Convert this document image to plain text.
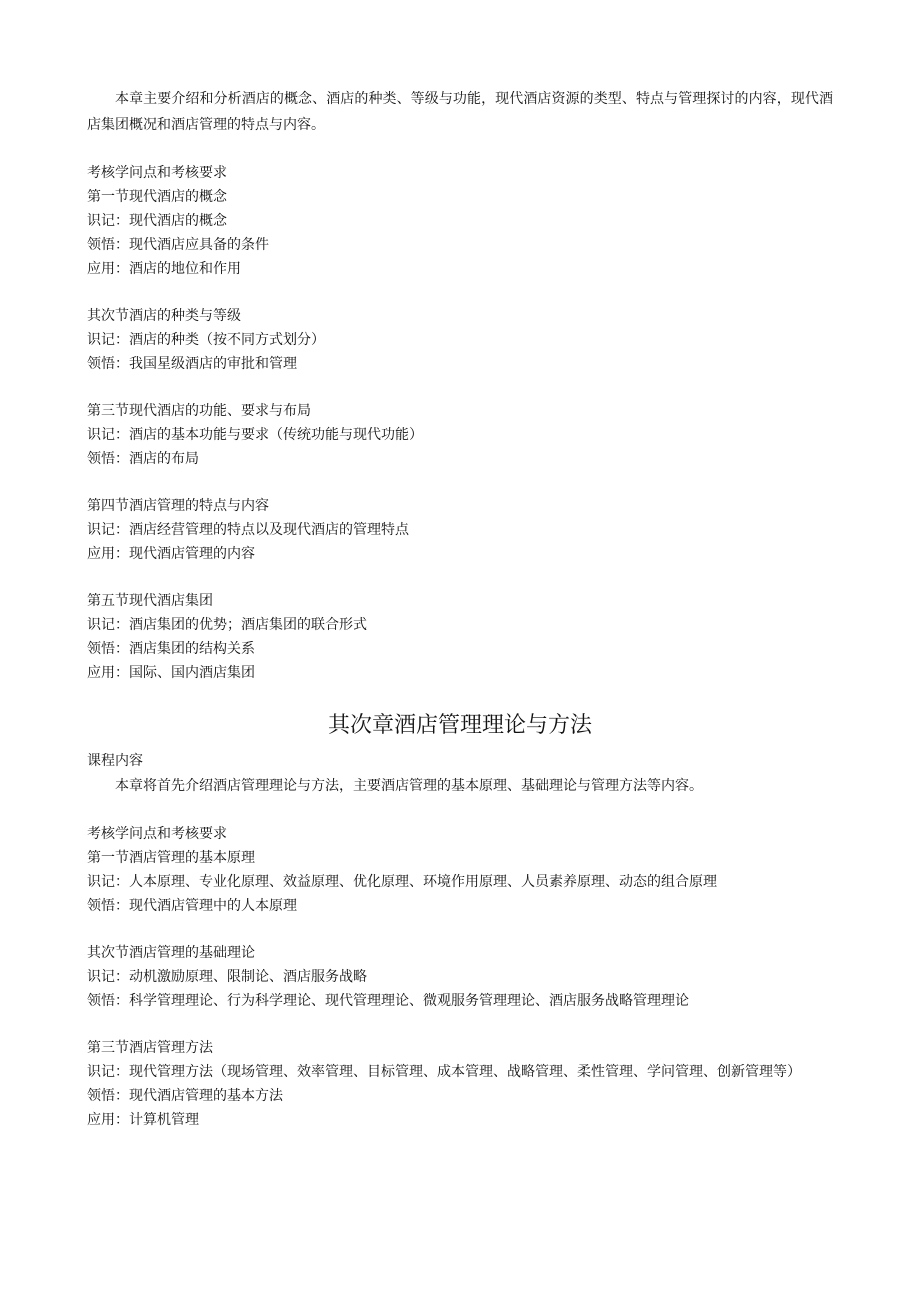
本章主要介绍和分析酒店的概念、酒店的种类、等级与功能，现代酒店资源的类型、特点与管理探讨的内容，现代酒店集团概况和酒店管理的特点与内容。
考核学问点和考核要求
第一节现代酒店的概念
识记：现代酒店的概念
领悟：现代酒店应具备的条件
应用：酒店的地位和作用
其次节酒店的种类与等级
识记：酒店的种类（按不同方式划分）
领悟：我国星级酒店的审批和管理
第三节现代酒店的功能、要求与布局
识记：酒店的基本功能与要求（传统功能与现代功能）
领悟：酒店的布局
第四节酒店管理的特点与内容
识记：酒店经营管理的特点以及现代酒店的管理特点
应用：现代酒店管理的内容
第五节现代酒店集团
识记：酒店集团的优势；酒店集团的联合形式
领悟：酒店集团的结构关系
应用：国际、国内酒店集团
其次章酒店管理理论与方法
课程内容
本章将首先介绍酒店管理理论与方法，主要酒店管理的基本原理、基础理论与管理方法等内容。
考核学问点和考核要求
第一节酒店管理的基本原理
识记：人本原理、专业化原理、效益原理、优化原理、环境作用原理、人员素养原理、动态的组合原理
领悟：现代酒店管理中的人本原理
其次节酒店管理的基础理论
识记：动机激励原理、限制论、酒店服务战略
领悟：科学管理理论、行为科学理论、现代管理理论、微观服务管理理论、酒店服务战略管理理论
第三节酒店管理方法
识记：现代管理方法（现场管理、效率管理、目标管理、成本管理、战略管理、柔性管理、学问管理、创新管理等）
领悟：现代酒店管理的基本方法
应用：计算机管理
